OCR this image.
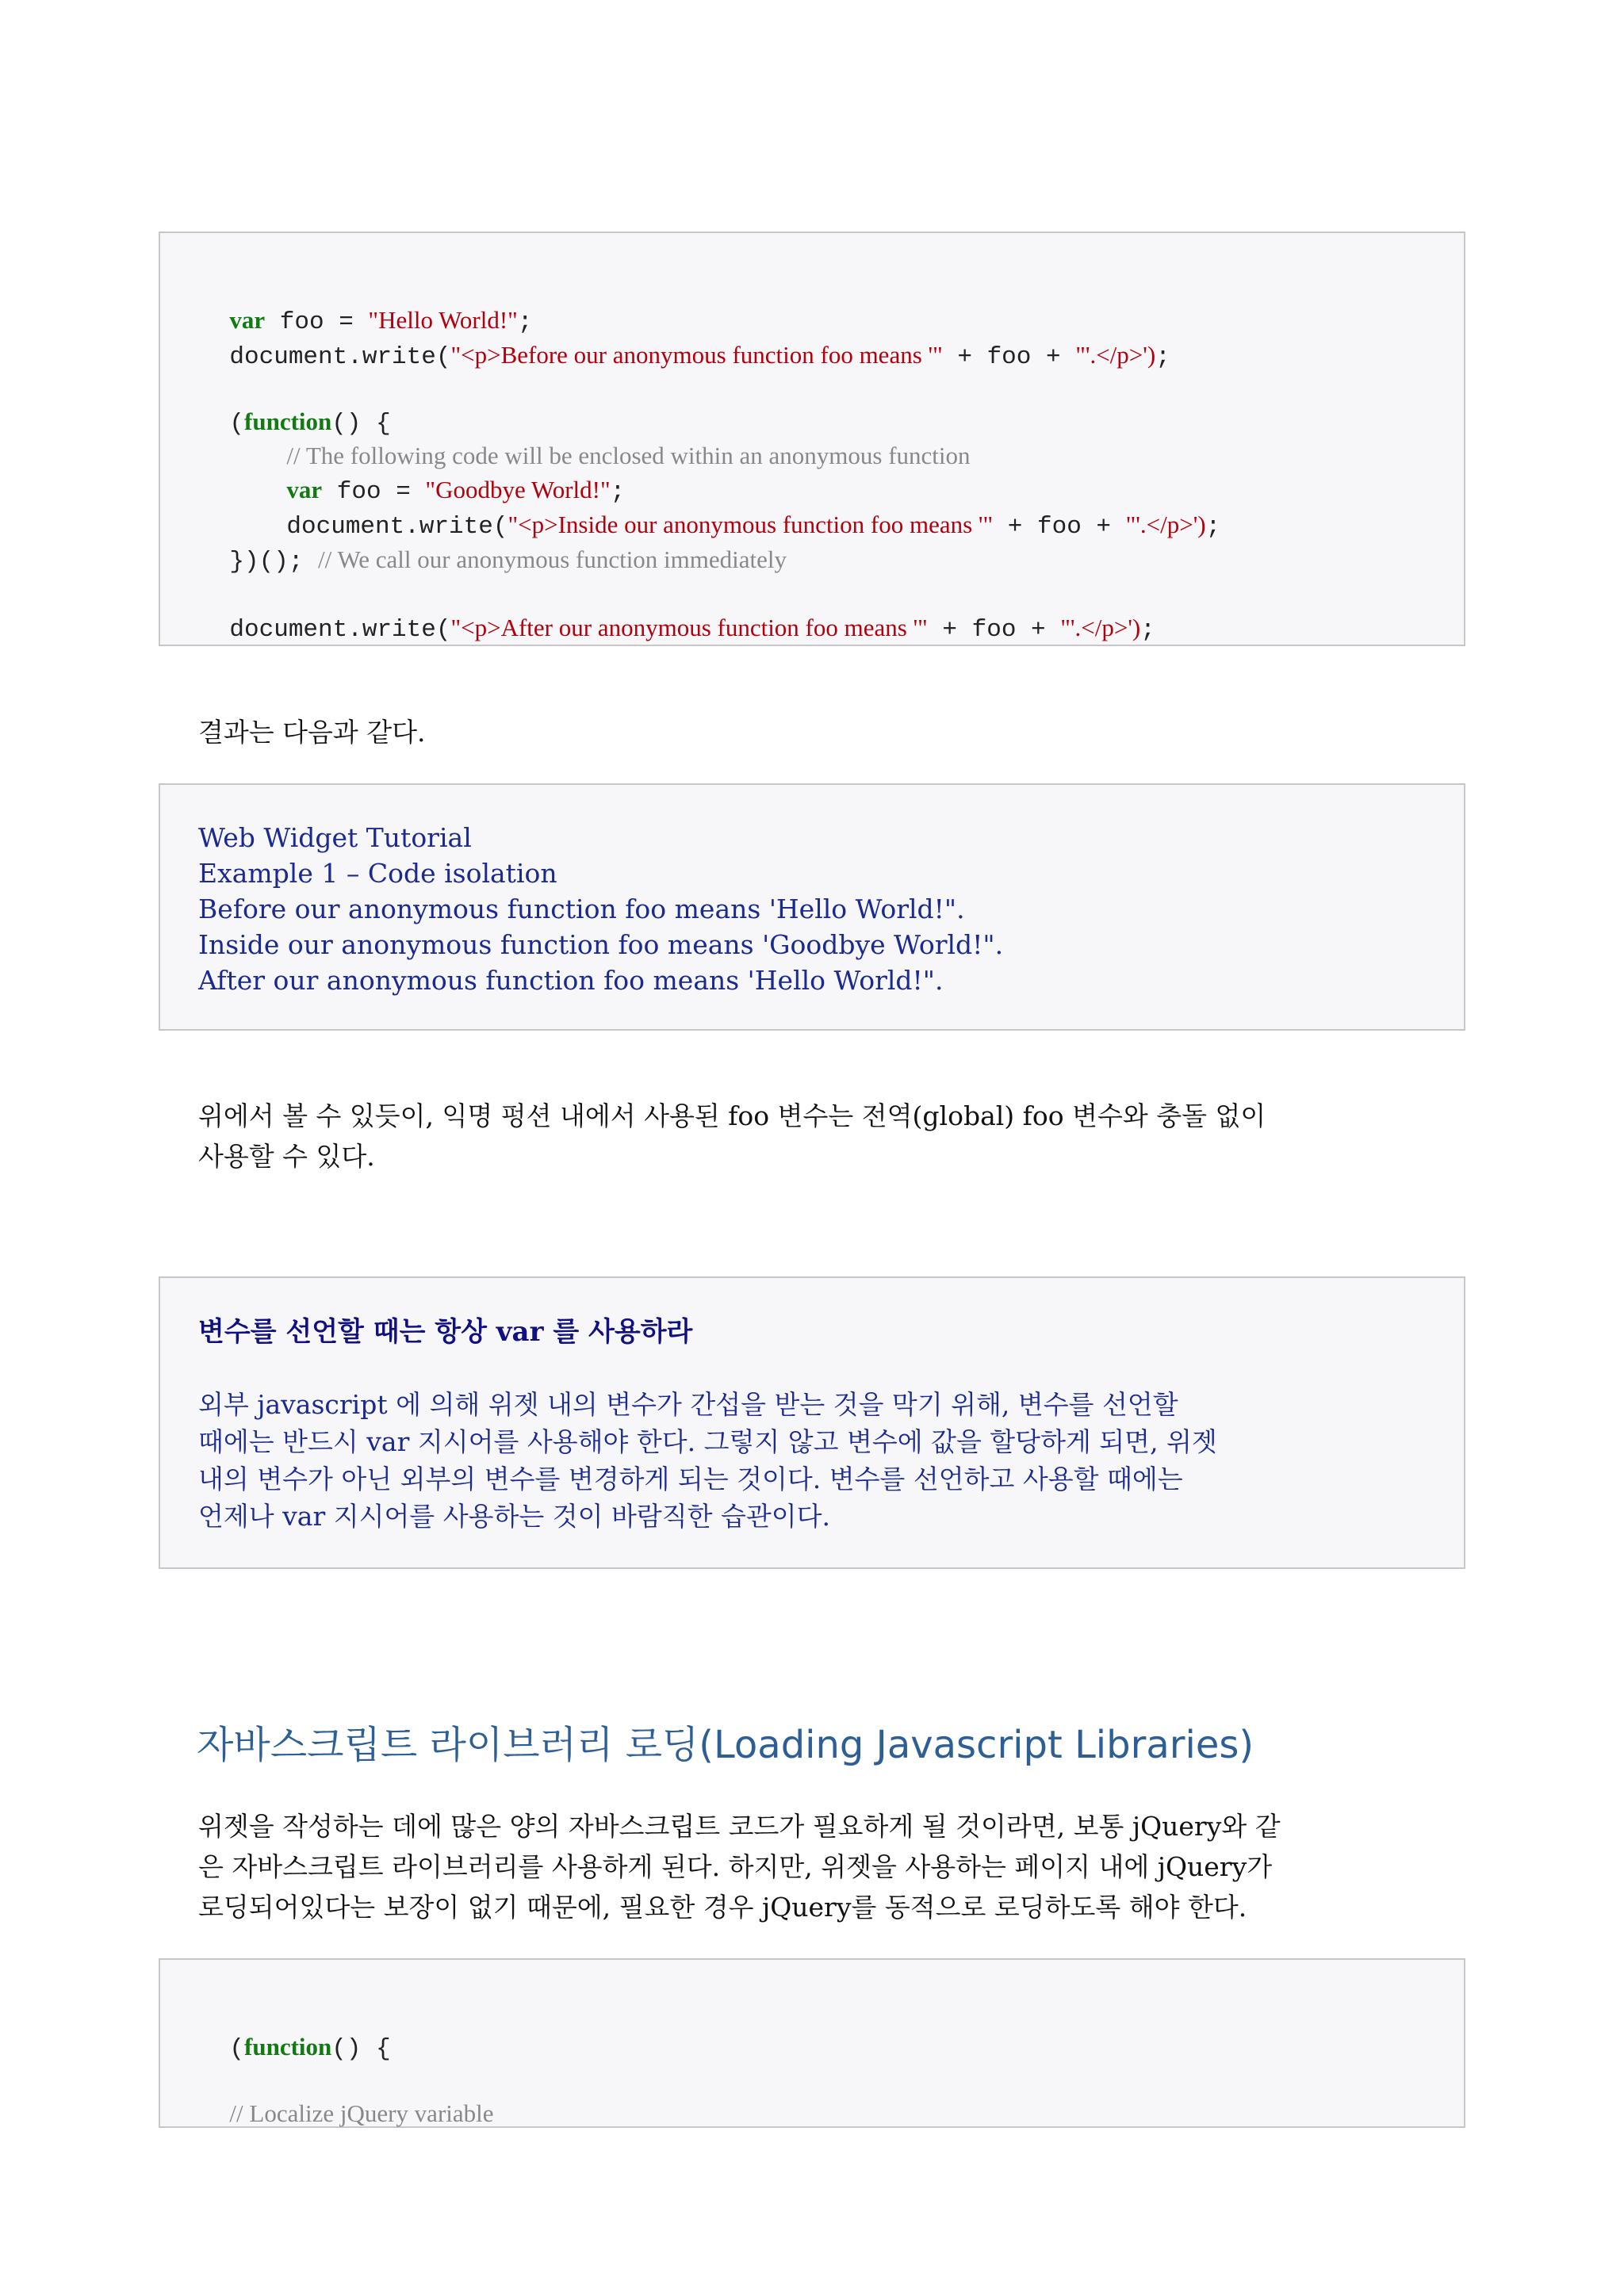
var foo = "Hello World!";

document.write("<p>Before our anonymous function foo means '" + foo + "'.</p>');

(function() {

// The following code will be enclosed within an anonymous function

var foo = "Goodbye World!";

document.write("<p>Inside our anonymous function foo means '" + foo + "'.</p>');

})(); // We call our anonymous function immediately

document.write("<p>After our anonymous function foo means '" + foo + "'.</p>');

결과는 다음과 같다.
Web Widget Tutorial
Example 1 – Code isolation
Before our anonymous function foo means 'Hello World!".
Inside our anonymous function foo means 'Goodbye World!".
After our anonymous function foo means 'Hello World!".
위에서 볼 수 있듯이, 익명 펑션 내에서 사용된 foo 변수는 전역(global) foo 변수와 충돌 없이
사용할 수 있다.
변수를 선언할 때는 항상 var 를 사용하라
외부 javascript 에 의해 위젯 내의 변수가 간섭을 받는 것을 막기 위해, 변수를 선언할
때에는 반드시 var 지시어를 사용해야 한다. 그렇지 않고 변수에 값을 할당하게 되면, 위젯
내의 변수가 아닌 외부의 변수를 변경하게 되는 것이다. 변수를 선언하고 사용할 때에는
언제나 var 지시어를 사용하는 것이 바람직한 습관이다.
자바스크립트 라이브러리 로딩(Loading Javascript Libraries)
위젯을 작성하는 데에 많은 양의 자바스크립트 코드가 필요하게 될 것이라면, 보통 jQuery와 같
은 자바스크립트 라이브러리를 사용하게 된다. 하지만, 위젯을 사용하는 페이지 내에 jQuery가
로딩되어있다는 보장이 없기 때문에, 필요한 경우 jQuery를 동적으로 로딩하도록 해야 한다.

(function() {

// Localize jQuery variable
